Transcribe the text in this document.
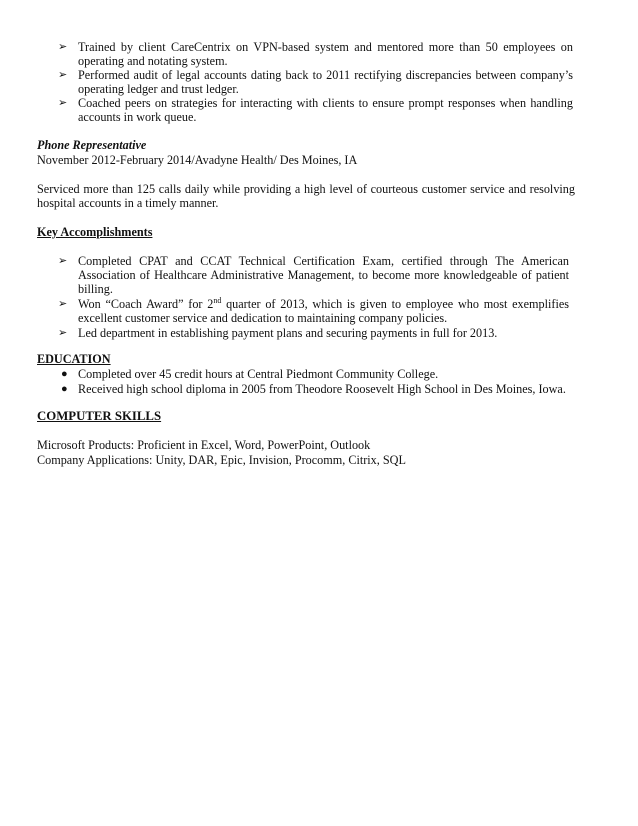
➢ Trained by client CareCentrix on VPN-based system and mentored more than 50 employees on operating and notating system.
➢ Performed audit of legal accounts dating back to 2011 rectifying discrepancies between company’s operating ledger and trust ledger.
➢ Coached peers on strategies for interacting with clients to ensure prompt responses when handling accounts in work queue.
Phone Representative
November 2012-February 2014/Avadyne Health/ Des Moines, IA
Serviced more than 125 calls daily while providing a high level of courteous customer service and resolving hospital accounts in a timely manner.
Key Accomplishments
➢ Completed CPAT and CCAT Technical Certification Exam, certified through The American Association of Healthcare Administrative Management, to become more knowledgeable of patient billing.
➢ Won “Coach Award” for 2nd quarter of 2013, which is given to employee who most exemplifies excellent customer service and dedication to maintaining company policies.
➢ Led department in establishing payment plans and securing payments in full for 2013.
EDUCATION
● Completed over 45 credit hours at Central Piedmont Community College.
● Received high school diploma in 2005 from Theodore Roosevelt High School in Des Moines, Iowa.
COMPUTER SKILLS
Microsoft Products: Proficient in Excel, Word, PowerPoint, Outlook
Company Applications: Unity, DAR, Epic, Invision, Procomm, Citrix, SQL
